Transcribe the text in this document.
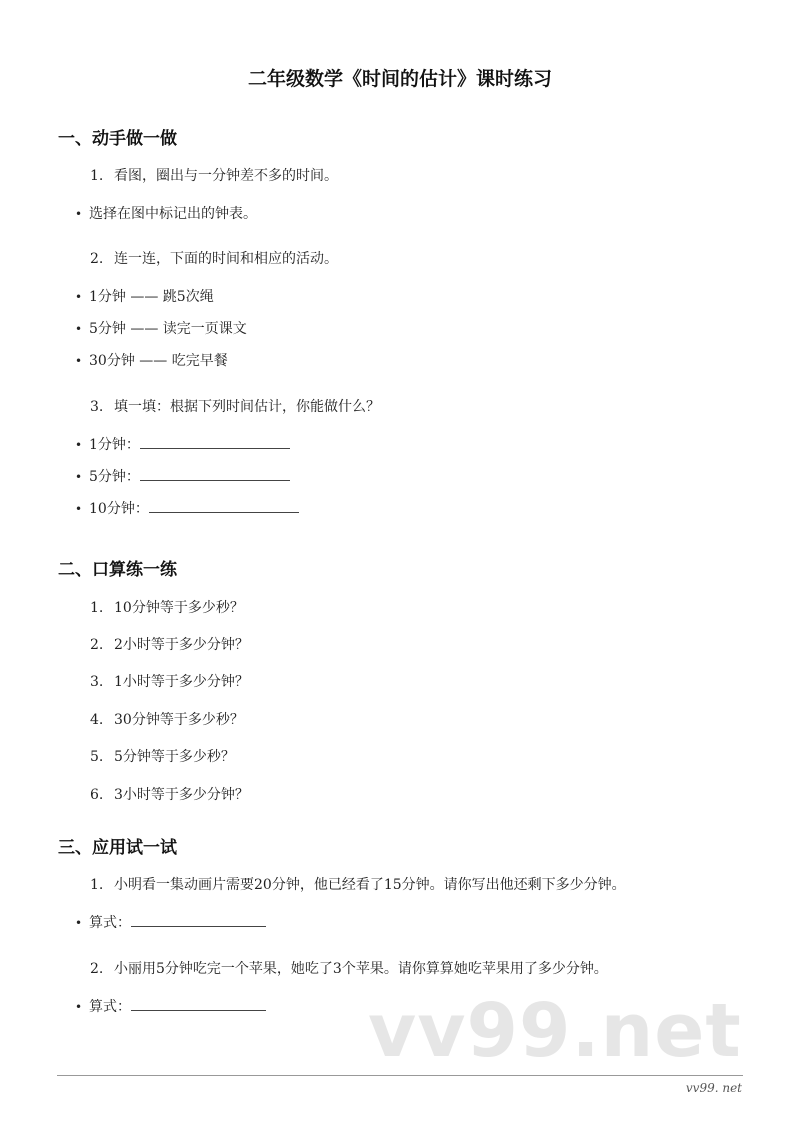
二年级数学《时间的估计》课时练习
一、动手做一做
1. 看图，圈出与一分钟差不多的时间。
• 选择在图中标记出的钟表。
2. 连一连，下面的时间和相应的活动。
• 1分钟 —— 跳5次绳
• 5分钟 —— 读完一页课文
• 30分钟 —— 吃完早餐
3. 填一填：根据下列时间估计，你能做什么？
• 1分钟：
• 5分钟：
• 10分钟：
二、口算练一练
1. 10分钟等于多少秒？
2. 2小时等于多少分钟？
3. 1小时等于多少分钟？
4. 30分钟等于多少秒？
5. 5分钟等于多少秒？
6. 3小时等于多少分钟？
三、应用试一试
1. 小明看一集动画片需要20分钟，他已经看了15分钟。请你写出他还剩下多少分钟。
• 算式：
2. 小丽用5分钟吃完一个苹果，她吃了3个苹果。请你算算她吃苹果用了多少分钟。
• 算式：	vv99.net
vv99. net
